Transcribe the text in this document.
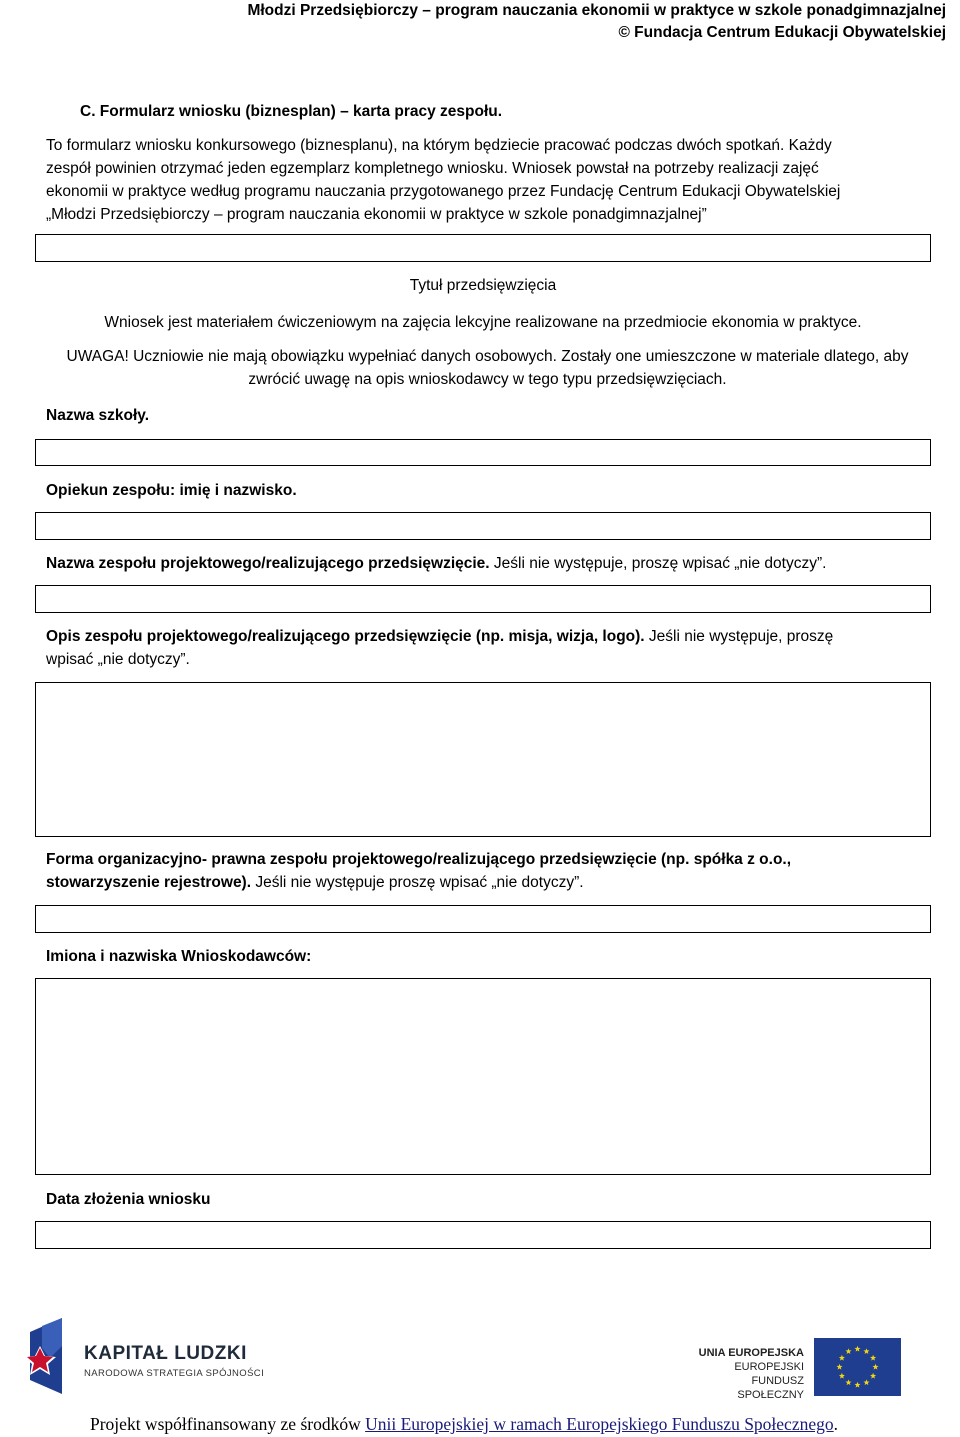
Młodzi Przedsiębiorczy – program nauczania ekonomii w praktyce w szkole ponadgimnazjalnej
© Fundacja Centrum Edukacji Obywatelskiej
C. Formularz wniosku (biznesplan) – karta pracy zespołu.
To formularz wniosku konkursowego (biznesplanu), na którym będziecie pracować podczas dwóch spotkań. Każdy
zespół powinien otrzymać jeden egzemplarz kompletnego wniosku. Wniosek powstał na potrzeby realizacji zajęć
ekonomii w praktyce według programu nauczania przygotowanego przez Fundację Centrum Edukacji Obywatelskiej
„Młodzi Przedsiębiorczy – program nauczania ekonomii w praktyce w szkole ponadgimnazjalnej”
Tytuł przedsięwzięcia
Wniosek jest materiałem ćwiczeniowym na zajęcia lekcyjne realizowane na przedmiocie ekonomia w praktyce.
UWAGA! Uczniowie nie mają obowiązku wypełniać danych osobowych. Zostały one umieszczone w materiale dlatego, aby
zwrócić uwagę na opis wnioskodawcy w tego typu przedsięwzięciach.
Nazwa szkoły.
Opiekun zespołu: imię i nazwisko.
Nazwa zespołu projektowego/realizującego przedsięwzięcie. Jeśli nie występuje, proszę wpisać „nie dotyczy”.
Opis zespołu projektowego/realizującego przedsięwzięcie (np. misja, wizja, logo). Jeśli nie występuje, proszę
wpisać „nie dotyczy”.
Forma organizacyjno- prawna zespołu projektowego/realizującego przedsięwzięcie (np. spółka z o.o.,
stowarzyszenie rejestrowe). Jeśli nie występuje proszę wpisać „nie dotyczy”.
Imiona i nazwiska Wnioskodawców:
Data złożenia wniosku
KAPITAŁ LUDZKI
NARODOWA STRATEGIA SPÓJNOŚCI
UNIA EUROPEJSKA
EUROPEJSKI
FUNDUSZ SPOŁECZNY
Projekt współfinansowany ze środków Unii Europejskiej w ramach Europejskiego Funduszu Społecznego.
